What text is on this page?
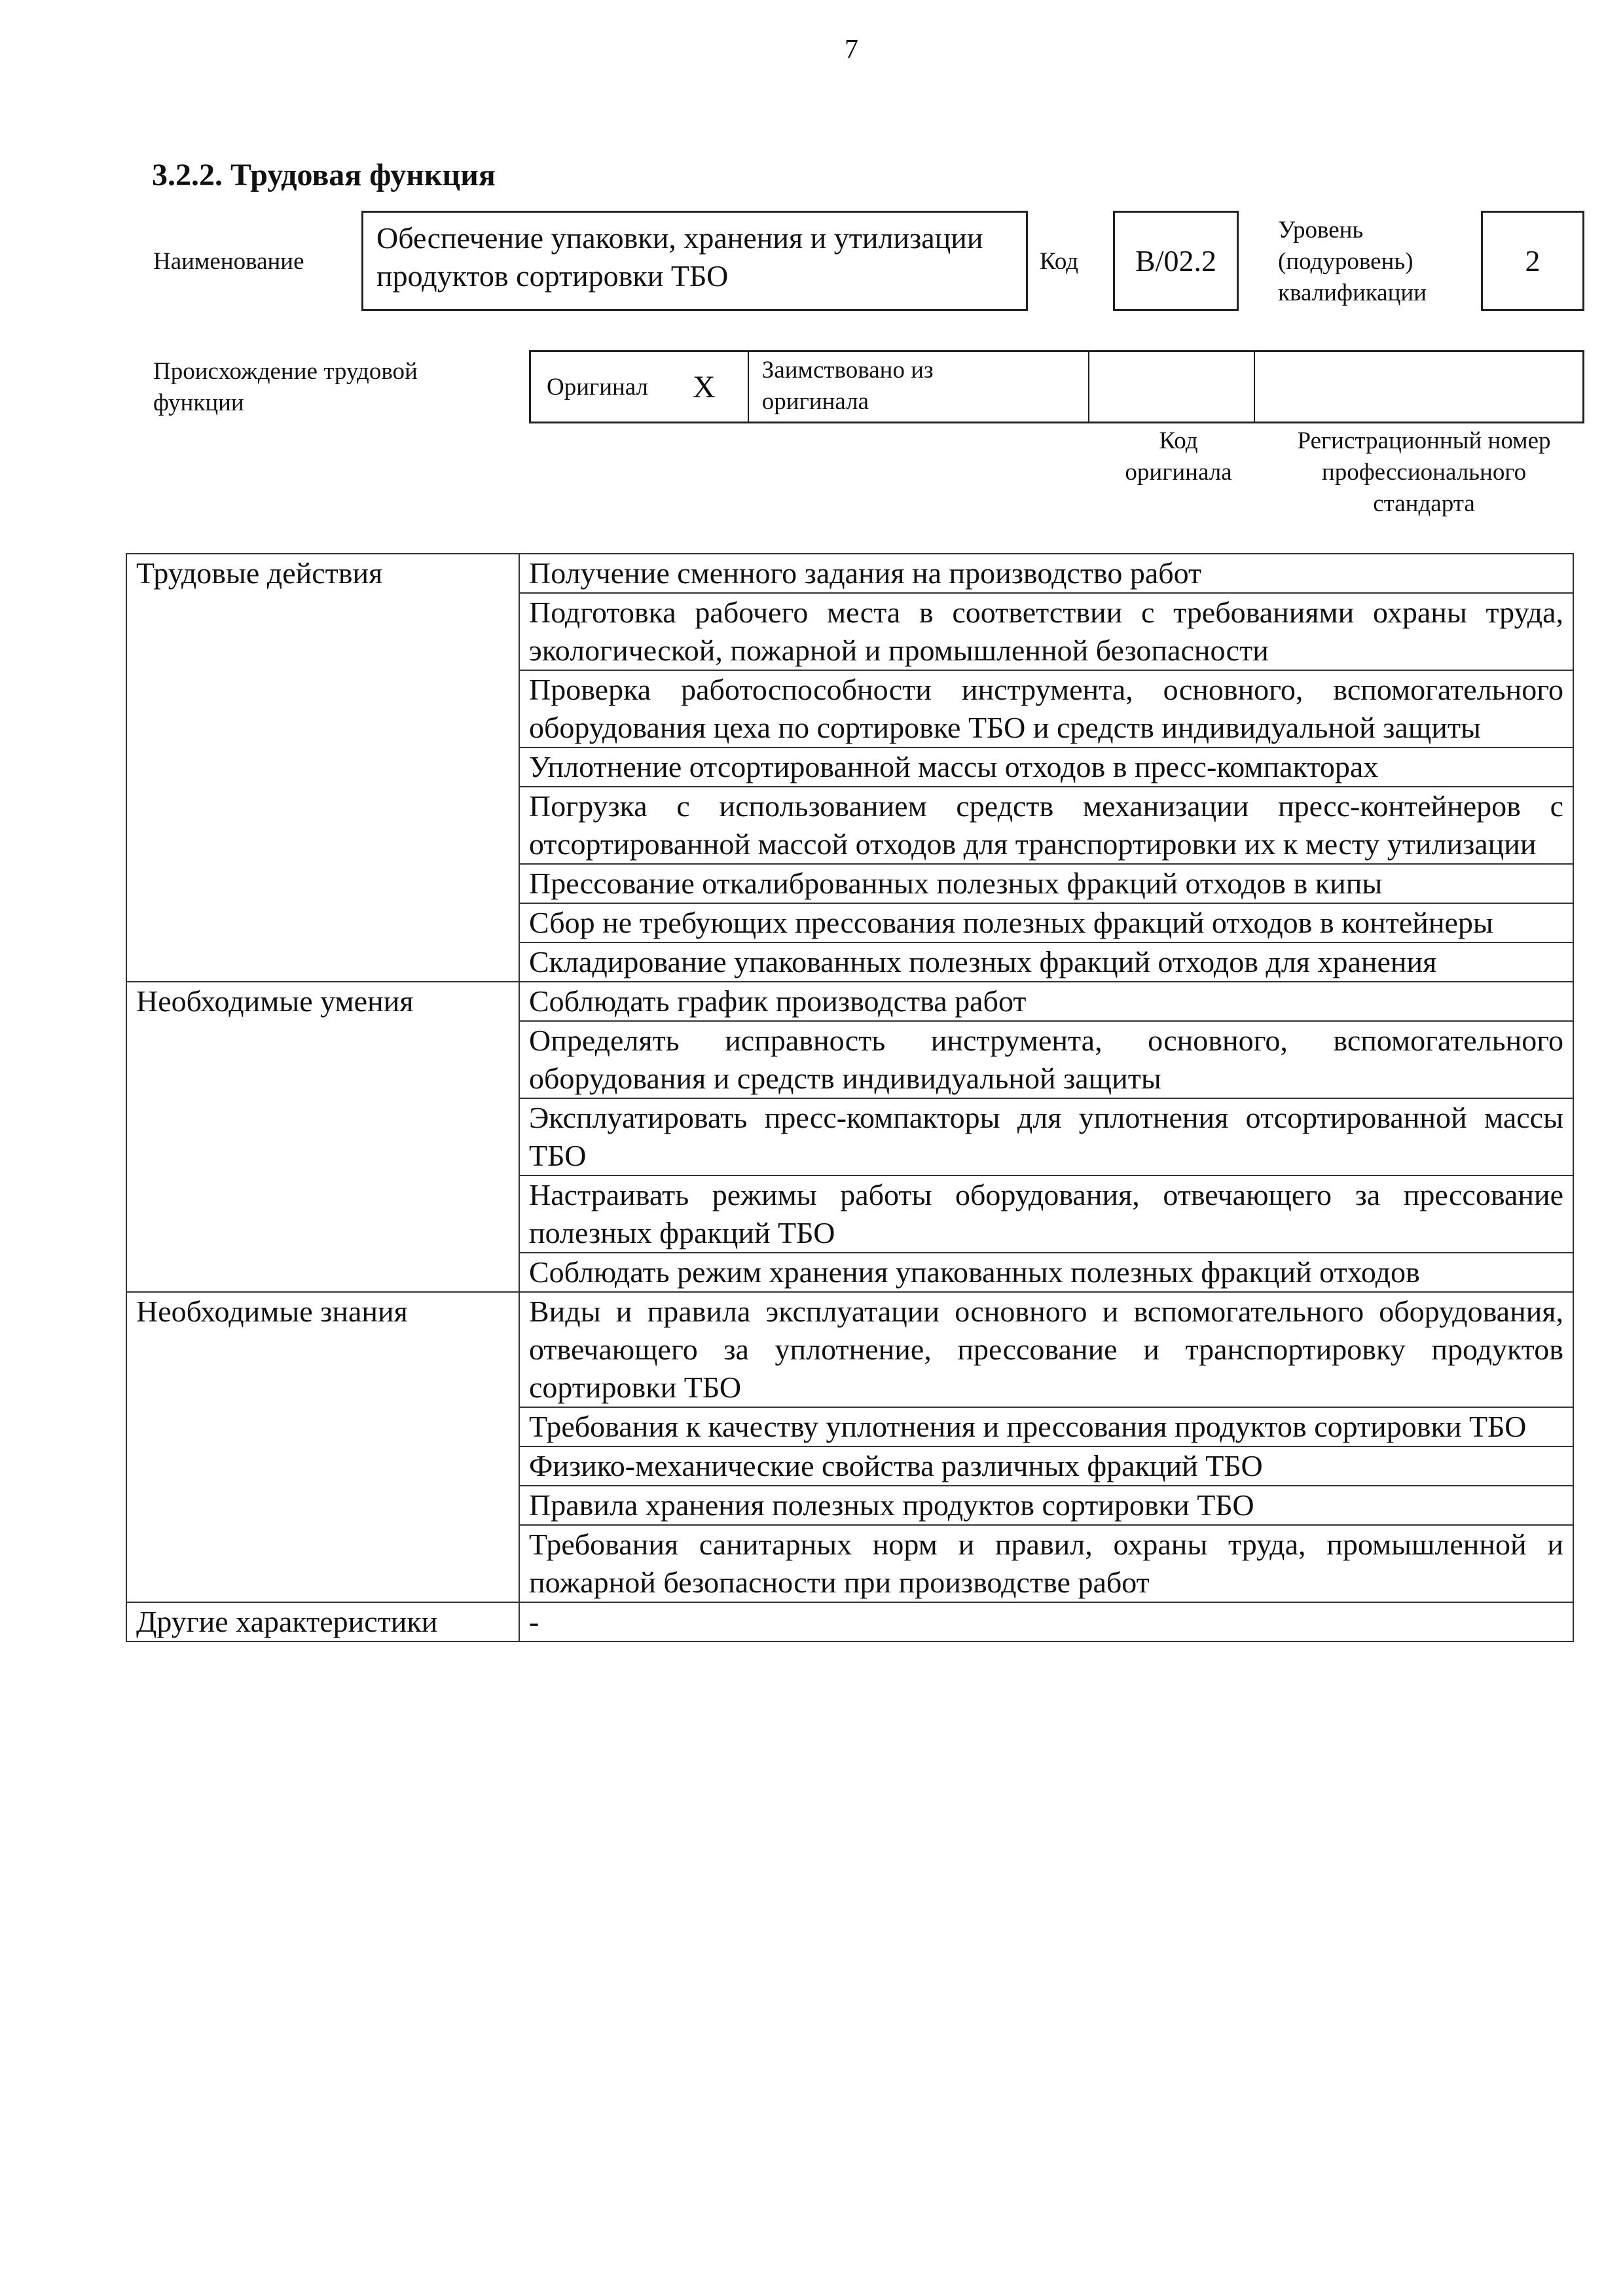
7
3.2.2. Трудовая функция
Наименование
Обеспечение упаковки, хранения и утилизации продуктов сортировки ТБО	Код	B/02.2
Уровень
(подуровень)
квалификации
2
Происхождение трудовой
функции
Оригинал X Заимствовано из
оригинала
Код
оригинала
Регистрационный номер
профессионального
стандарта
Трудовые действия	Получение сменного задания на производство работ
	Подготовка рабочего места в соответствии с требованиями охраны труда, экологической, пожарной и промышленной безопасности
	Проверка работоспособности инструмента, основного, вспомогательного оборудования цеха по сортировке ТБО и средств индивидуальной защиты
	Уплотнение отсортированной массы отходов в пресс-компакторах
	Погрузка с использованием средств механизации пресс-контейнеров с отсортированной массой отходов для транспортировки их к месту утилизации
	Прессование откалиброванных полезных фракций отходов в кипы
	Сбор не требующих прессования полезных фракций отходов в контейнеры
	Складирование упакованных полезных фракций отходов для хранения
Необходимые умения	Соблюдать график производства работ
	Определять исправность инструмента, основного, вспомогательного оборудования и средств индивидуальной защиты
	Эксплуатировать пресс-компакторы для уплотнения отсортированной массы ТБО
	Настраивать режимы работы оборудования, отвечающего за прессование полезных фракций ТБО
	Соблюдать режим хранения упакованных полезных фракций отходов
Необходимые знания	Виды и правила эксплуатации основного и вспомогательного оборудования, отвечающего за уплотнение, прессование и транспортировку продуктов сортировки ТБО
	Требования к качеству уплотнения и прессования продуктов сортировки ТБО
	Физико-механические свойства различных фракций ТБО
	Правила хранения полезных продуктов сортировки ТБО
	Требования санитарных норм и правил, охраны труда, промышленной и пожарной безопасности при производстве работ
Другие характеристики	-
